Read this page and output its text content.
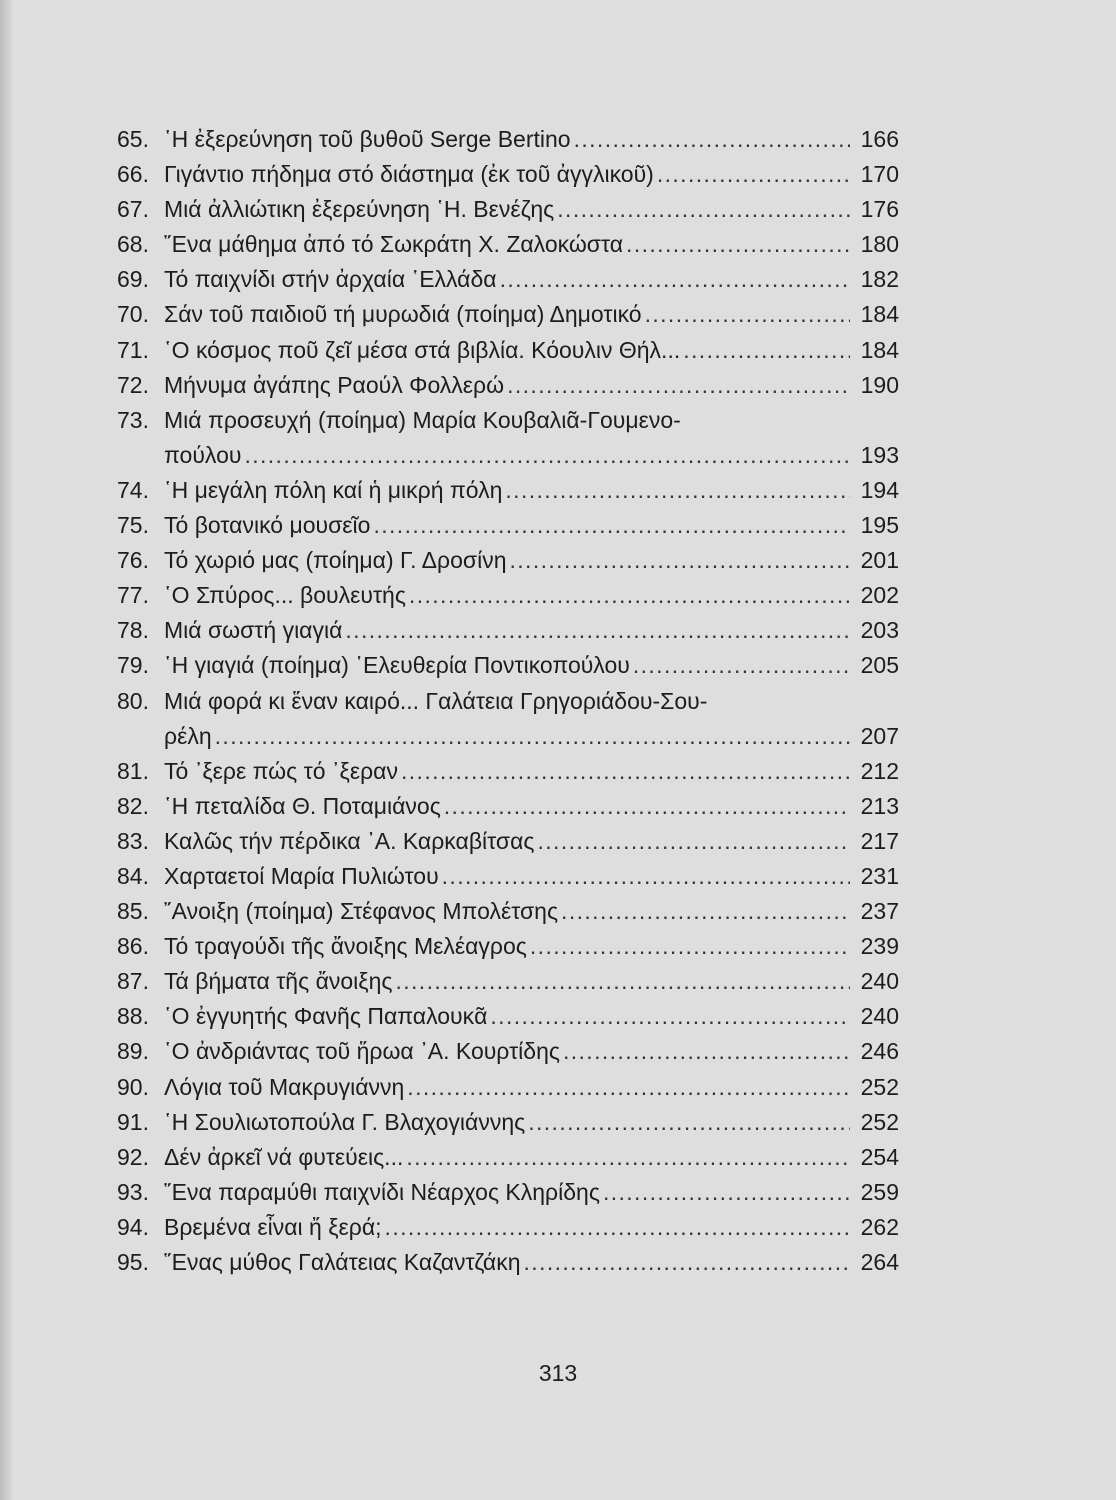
65. ῾Η ἐξερεύνηση τοῦ βυθοῦ Serge Bertino . . .	166
66. Γιγάντιο πήδημα στό διάστημα (ἐκ τοῦ ἀγγλικοῦ) . . .	170
67. Μιά ἀλλιώτικη ἐξερεύνηση ῾Η. Βενέζης . . .	176
68. ῞Ενα μάθημα ἀπό τό Σωκράτη Χ. Ζαλοκώστα . . .	180
69. Τό παιχνίδι στήν ἀρχαία ῾Ελλάδα . . .	182
70. Σάν τοῦ παιδιοῦ τή μυρωδιά (ποίημα) Δημοτικό . . .	184
71. ῾Ο κόσμος ποῦ ζεῖ μέσα στά βιβλία. Κόουλιν Θήλ... . . .	184
72. Μήνυμα ἀγάπης Ραούλ Φολλερώ . . .	190
73. Μιά προσευχή (ποίημα) Μαρία Κουβαλιᾶ-Γουμενο-
πούλου . . .	193
74. ῾Η μεγάλη πόλη καί ἡ μικρή πόλη . . .	194
75. Τό βοτανικό μουσεῖο . . .	195
76. Τό χωριό μας (ποίημα) Γ. Δροσίνη . . .	201
77. ῾Ο Σπύρος... βουλευτής . . .	202
78. Μιά σωστή γιαγιά . . .	203
79. ῾Η γιαγιά (ποίημα) ῾Ελευθερία Ποντικοπούλου . . .	205
80. Μιά φορά κι ἕναν καιρό... Γαλάτεια Γρηγοριάδου-Σου-
ρέλη . . .	207
81. Τό ᾿ξερε πώς τό ᾿ξεραν . . .	212
82. ῾Η πεταλίδα Θ. Ποταμιάνος . . .	213
83. Καλῶς τήν πέρδικα ᾿Α. Καρκαβίτσας . . .	217
84. Χαρταετοί Μαρία Πυλιώτου . . .	231
85. ῎Ανοιξη (ποίημα) Στέφανος Μπολέτσης . . .	237
86. Τό τραγούδι τῆς ἄνοιξης Μελέαγρος . . .	239
87. Τά βήματα τῆς ἄνοιξης . . .	240
88. ῾Ο ἐγγυητής Φανῆς Παπαλουκᾶ . . .	240
89. ῾Ο ἀνδριάντας τοῦ ἥρωα ᾿Α. Κουρτίδης . . .	246
90. Λόγια τοῦ Μακρυγιάννη . . .	252
91. ῾Η Σουλιωτοπούλα Γ. Βλαχογιάννης . . .	252
92. Δέν ἀρκεῖ νά φυτεύεις... . . .	254
93. ῞Ενα παραμύθι παιχνίδι Νέαρχος Κληρίδης . . .	259
94. Βρεμένα εἶναι ἤ ξερά; . . .	262
95. ῞Ενας μύθος Γαλάτειας Καζαντζάκη . . .	264
313
